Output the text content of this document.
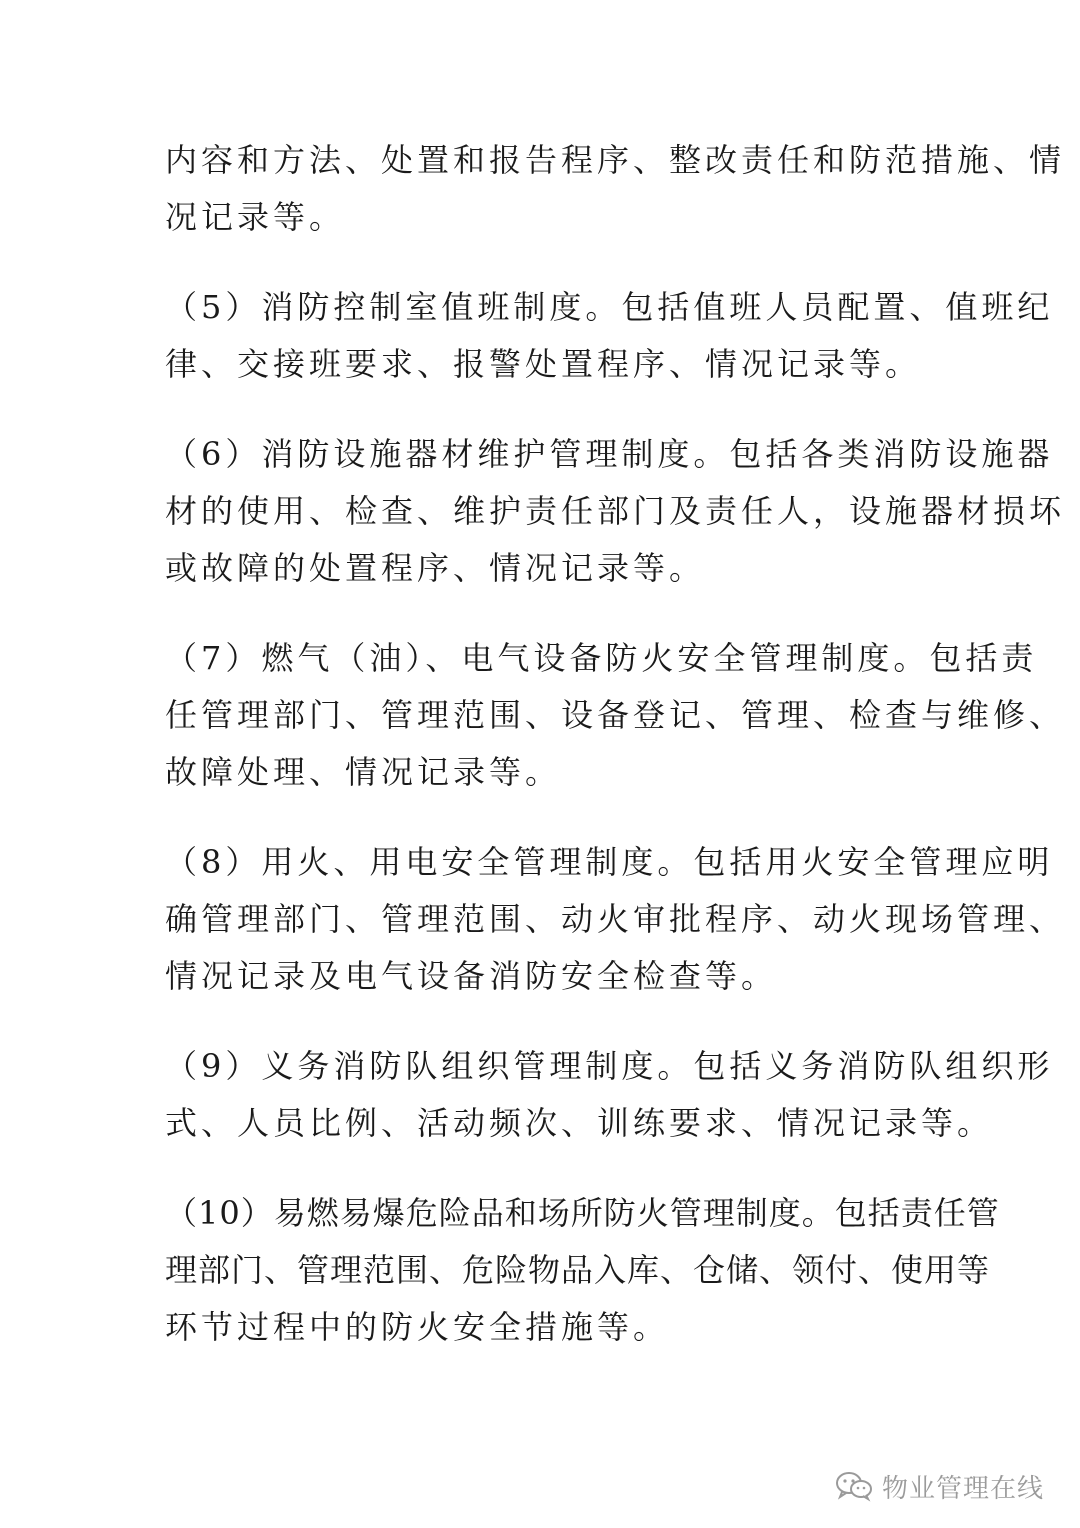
内容和方法、处置和报告程序、整改责任和防范措施、情
况记录等。
（5）消防控制室值班制度。包括值班人员配置、值班纪
律、交接班要求、报警处置程序、情况记录等。
（6）消防设施器材维护管理制度。包括各类消防设施器
材的使用、检查、维护责任部门及责任人，设施器材损坏
或故障的处置程序、情况记录等。
（7）燃气（油）、电气设备防火安全管理制度。包括责
任管理部门、管理范围、设备登记、管理、检查与维修、
故障处理、情况记录等。
（8）用火、用电安全管理制度。包括用火安全管理应明
确管理部门、管理范围、动火审批程序、动火现场管理、
情况记录及电气设备消防安全检查等。
（9）义务消防队组织管理制度。包括义务消防队组织形
式、人员比例、活动频次、训练要求、情况记录等。
（10）易燃易爆危险品和场所防火管理制度。包括责任管
理部门、管理范围、危险物品入库、仓储、领付、使用等
环节过程中的防火安全措施等。
物业管理在线
